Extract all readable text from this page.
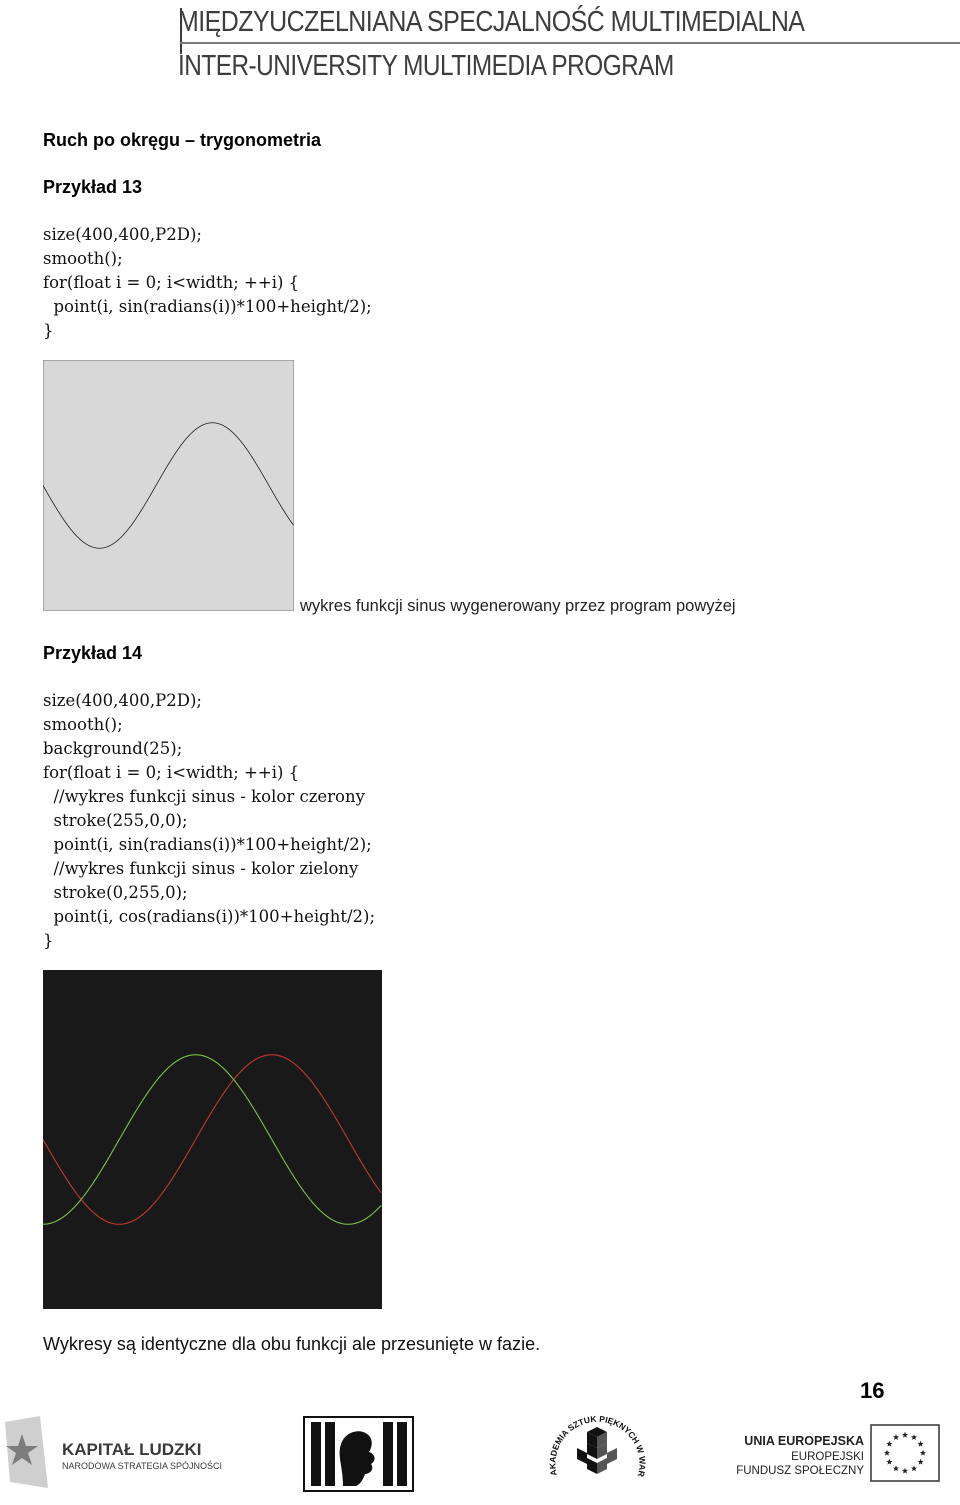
MIĘDZYUCZELNIANA SPECJALNOŚĆ MULTIMEDIALNA
INTER-UNIVERSITY MULTIMEDIA PROGRAM
Ruch po okręgu – trygonometria
Przykład 13
size(400,400,P2D);
smooth();
for(float i = 0; i<width; ++i) {
point(i, sin(radians(i))*100+height/2);
}
wykres funkcji sinus wygenerowany przez program powyżej
Przykład 14
size(400,400,P2D);
smooth();
background(25);
for(float i = 0; i<width; ++i) {
//wykres funkcji sinus - kolor czerony
stroke(255,0,0);
point(i, sin(radians(i))*100+height/2);
//wykres funkcji sinus - kolor zielony
stroke(0,255,0);
point(i, cos(radians(i))*100+height/2);
}
Wykresy są identyczne dla obu funkcji ale przesunięte w fazie.
16
KAPITAŁ LUDZKI
NARODOWA STRATEGIA SPÓJNOŚCI
AKADEMIA SZTUK PIĘKNYCH W WAR
UNIA EUROPEJSKA
EUROPEJSKI
FUNDUSZ SPOŁECZNY
